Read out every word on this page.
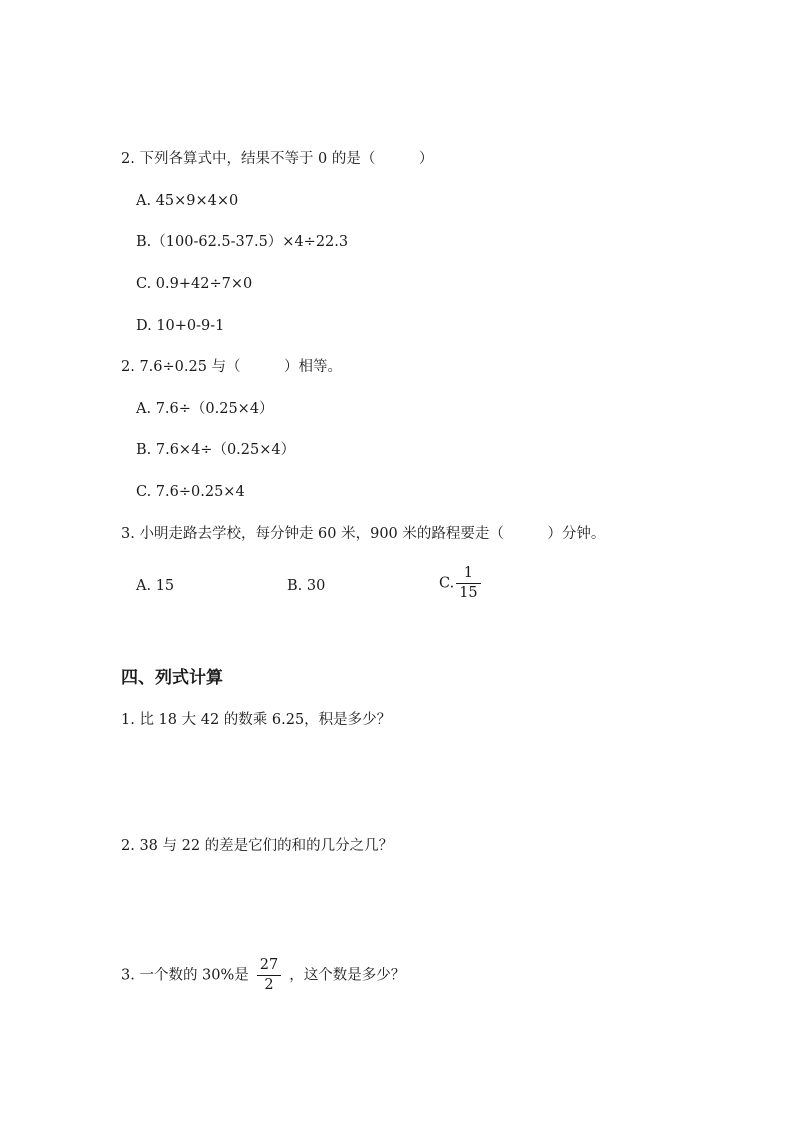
2. 下列各算式中，结果不等于 0 的是（　　　）
A. 45×9×4×0
B.（100-62.5-37.5）×4÷22.3
C. 0.9+42÷7×0
D. 10+0-9-1
2. 7.6÷0.25 与（　　　）相等。
A. 7.6÷（0.25×4）
B. 7.6×4÷（0.25×4）
C. 7.6÷0.25×4
3. 小明走路去学校，每分钟走 60 米，900 米的路程要走（　　　）分钟。
A. 15	B. 30	C. $\frac{1}{15}$
四、列式计算
1. 比 18 大 42 的数乘 6.25，积是多少？
2. 38 与 22 的差是它们的和的几分之几？
3. 一个数的 30%是 $\frac{27}{2}$ ，这个数是多少？
